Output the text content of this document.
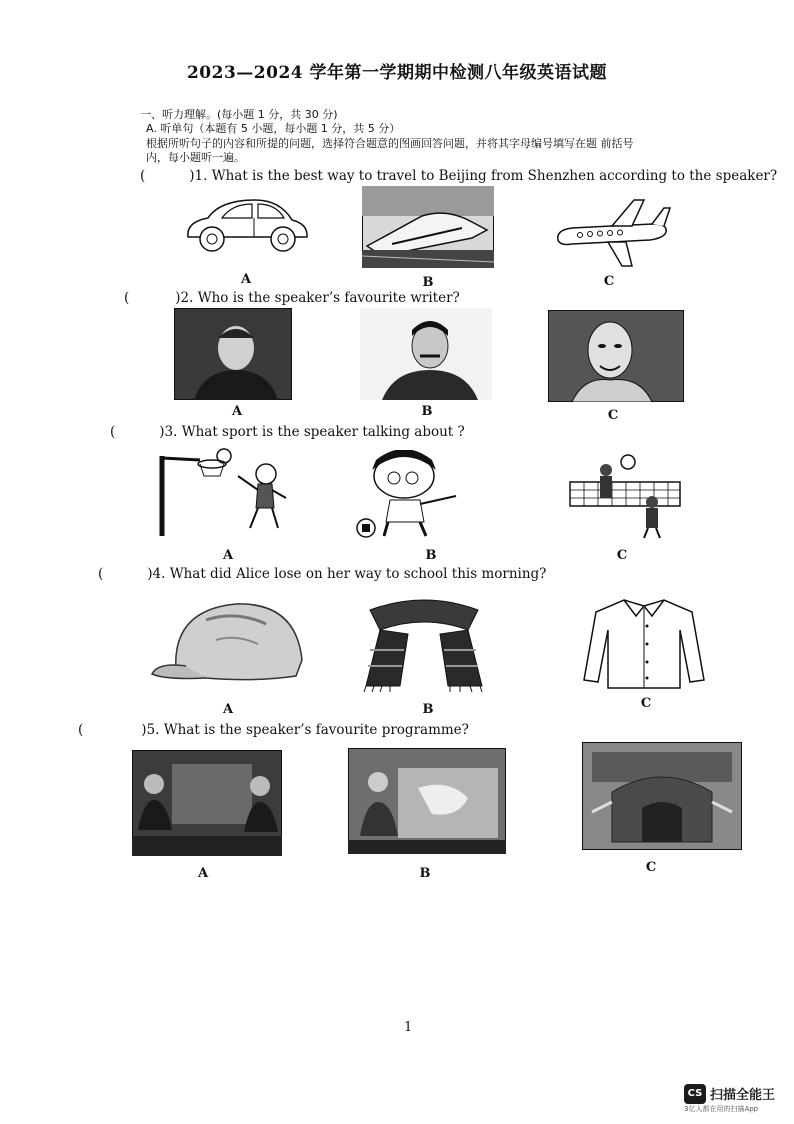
2023—2024 学年第一学期期中检测八年级英语试题
一、听力理解。(每小题 1 分，共 30 分)
A. 听单句（本题有 5 小题，每小题 1 分，共 5 分）
根据所听句子的内容和所提的问题，选择符合题意的图画回答问题，并将其字母编号填写在题 前括号
内，每小题听一遍。
(	)1. What is the best way to travel to Beijing from Shenzhen according to the speaker?
A	B	C
(	)2. Who is the speaker’s favourite writer?
A	B	C
(	)3. What sport is the speaker talking about ?
A	B	C
(	)4. What did Alice lose on her way to school this morning?
A	B	C
(	)5. What is the speaker’s favourite programme?
A	B	C
1
CS 扫描全能王
3亿人都在用的扫描App
